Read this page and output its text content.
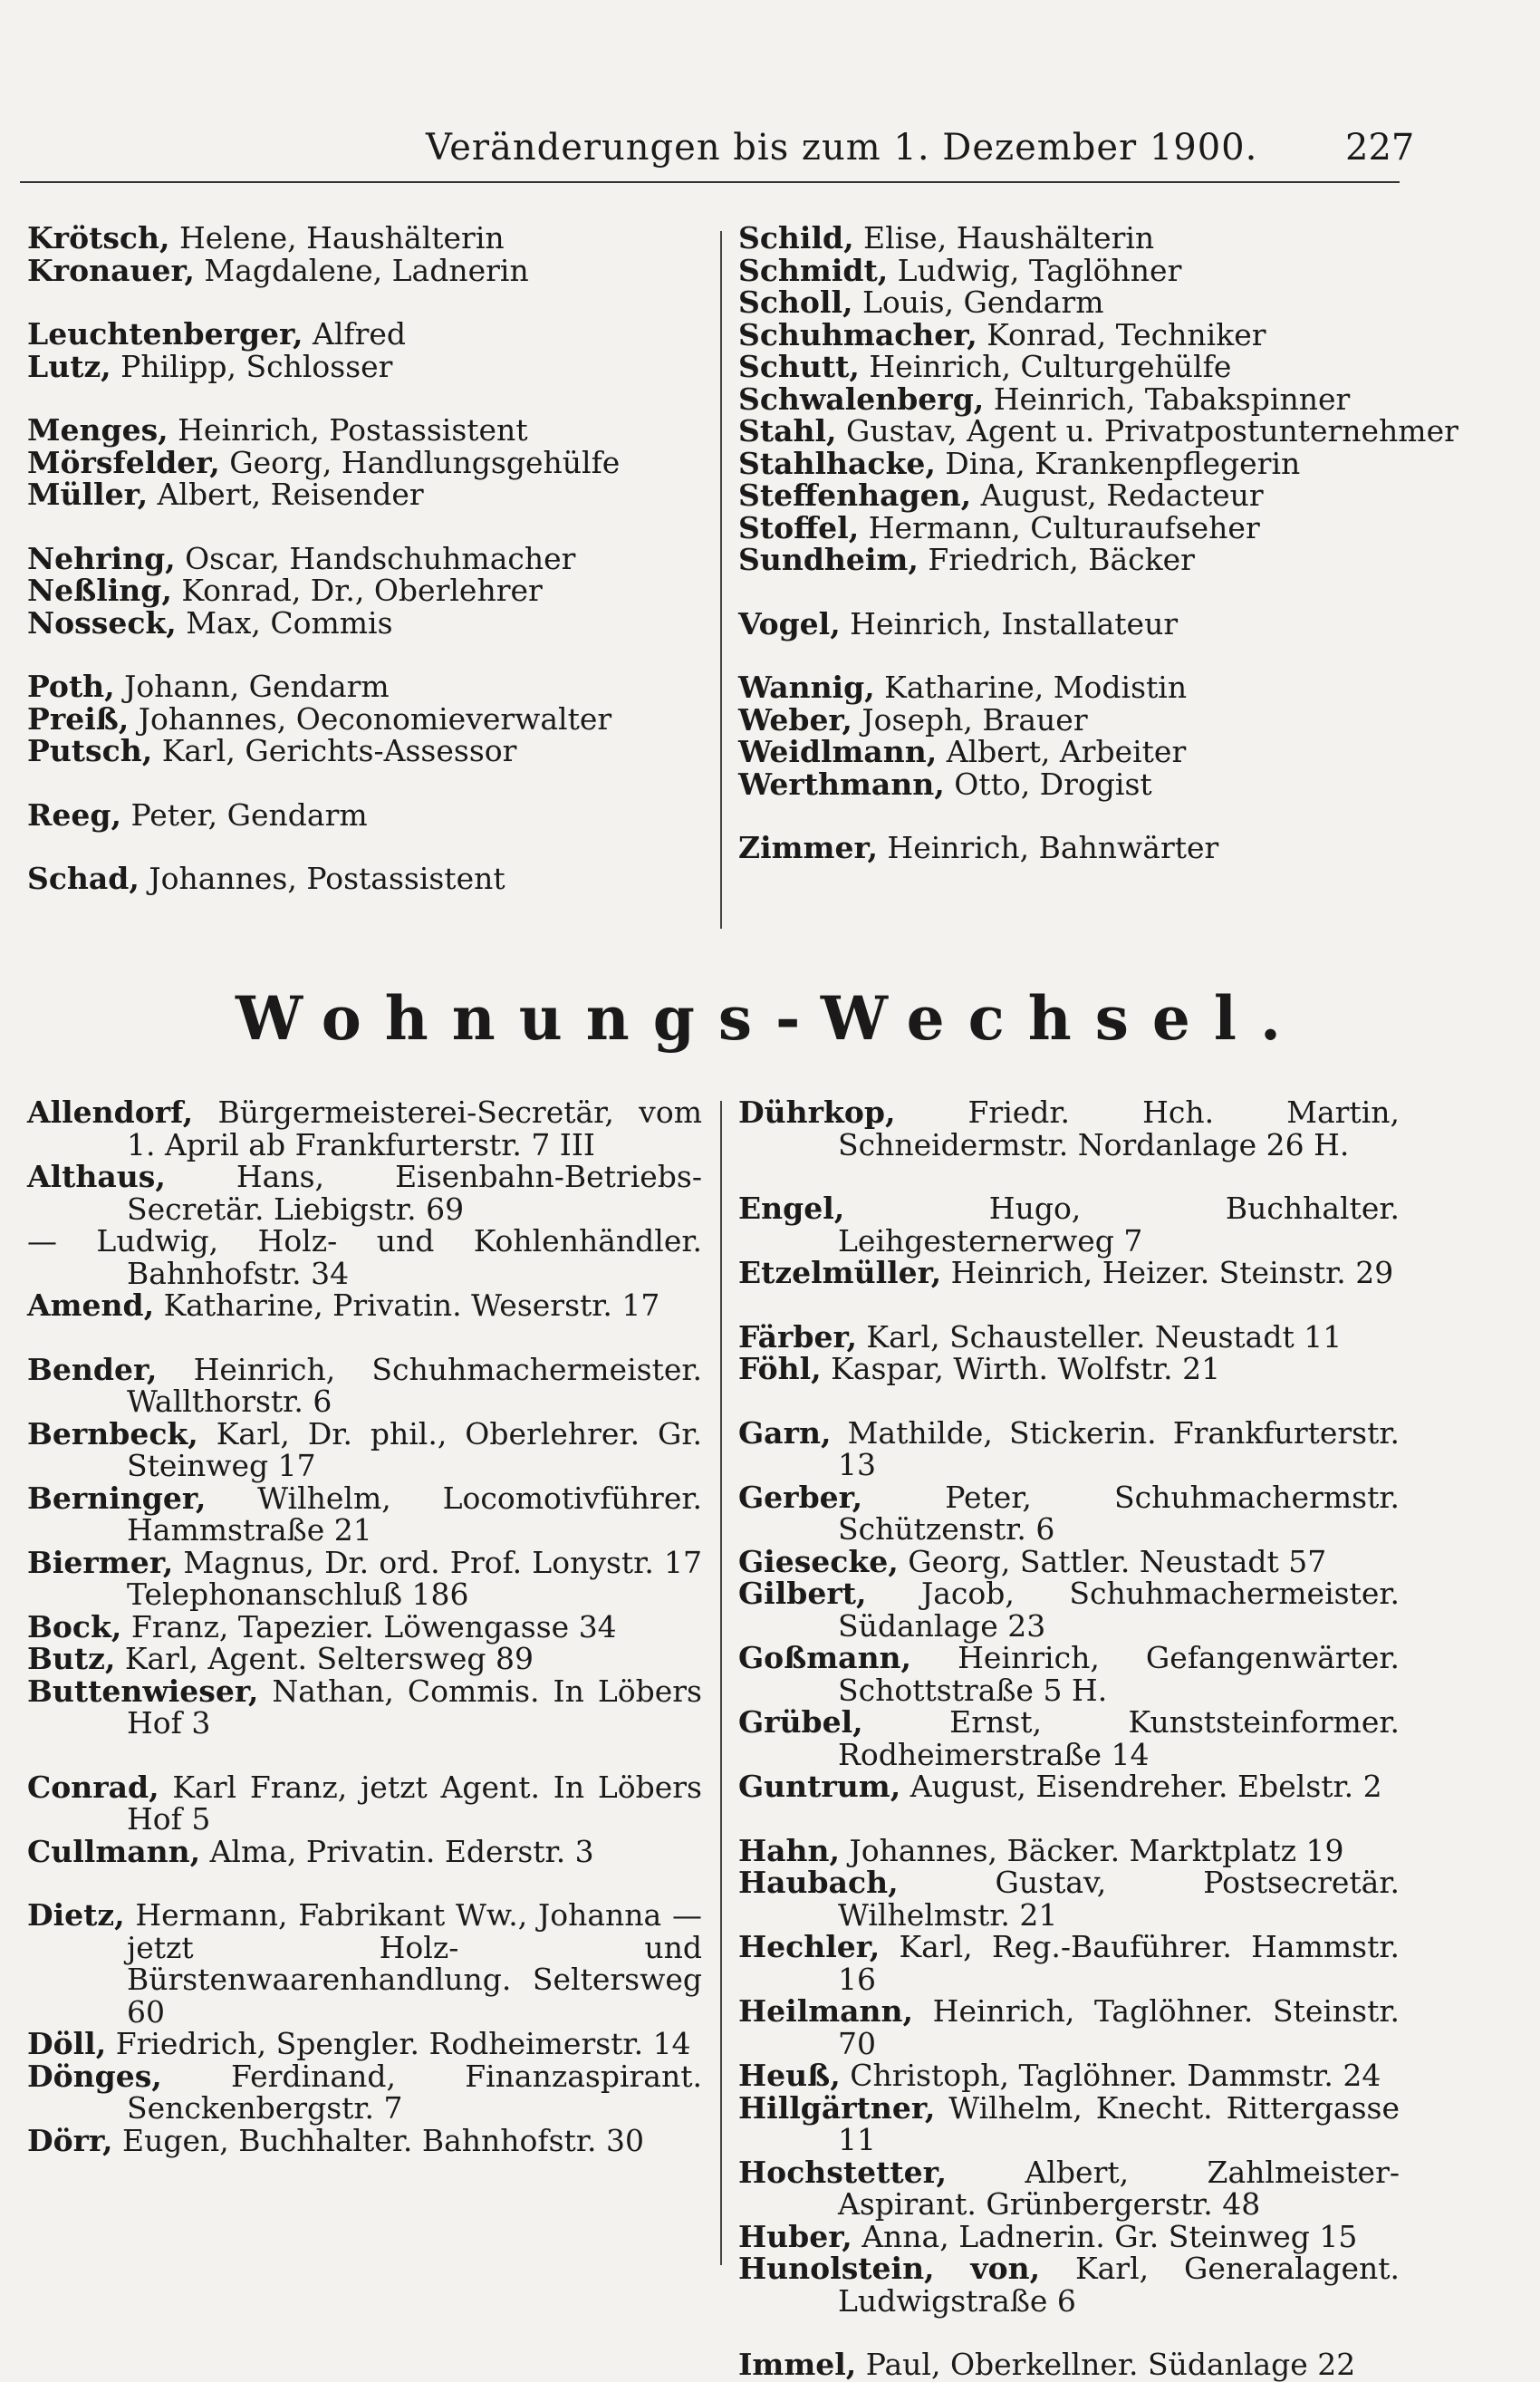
Veränderungen bis zum 1. Dezember 1900. 227
Krötsch, Helene, Haushälterin
Kronauer, Magdalene, Ladnerin
Leuchtenberger, Alfred
Lutz, Philipp, Schlosser
Menges, Heinrich, Postassistent
Mörsfelder, Georg, Handlungsgehülfe
Müller, Albert, Reisender
Nehring, Oscar, Handschuhmacher
Neßling, Konrad, Dr., Oberlehrer
Nosseck, Max, Commis
Poth, Johann, Gendarm
Preiß, Johannes, Oeconomieverwalter
Putsch, Karl, Gerichts-Assessor
Reeg, Peter, Gendarm
Schad, Johannes, Postassistent
Schild, Elise, Haushälterin
Schmidt, Ludwig, Taglöhner
Scholl, Louis, Gendarm
Schuhmacher, Konrad, Techniker
Schutt, Heinrich, Culturgehülfe
Schwalenberg, Heinrich, Tabakspinner
Stahl, Gustav, Agent u. Privatpostunternehmer
Stahlhacke, Dina, Krankenpflegerin
Steffenhagen, August, Redacteur
Stoffel, Hermann, Culturaufseher
Sundheim, Friedrich, Bäcker
Vogel, Heinrich, Installateur
Wannig, Katharine, Modistin
Weber, Joseph, Brauer
Weidlmann, Albert, Arbeiter
Werthmann, Otto, Drogist
Zimmer, Heinrich, Bahnwärter
Wohnungs-Wechsel.
Allendorf, Bürgermeisterei-Secretär, vom 1. April ab Frankfurterstr. 7 III
Althaus, Hans, Eisenbahn-Betriebs-Secretär. Liebigstr. 69
— Ludwig, Holz- und Kohlenhändler. Bahnhofstr. 34
Amend, Katharine, Privatin. Weserstr. 17
Bender, Heinrich, Schuhmachermeister. Wallthorstr. 6
Bernbeck, Karl, Dr. phil., Oberlehrer. Gr. Steinweg 17
Berninger, Wilhelm, Locomotivführer. Hammstraße 21
Biermer, Magnus, Dr. ord. Prof. Lonystr. 17 Telephonanschluß 186
Bock, Franz, Tapezier. Löwengasse 34
Butz, Karl, Agent. Seltersweg 89
Buttenwieser, Nathan, Commis. In Löbers Hof 3
Conrad, Karl Franz, jetzt Agent. In Löbers Hof 5
Cullmann, Alma, Privatin. Ederstr. 3
Dietz, Hermann, Fabrikant Ww., Johanna — jetzt Holz- und Bürstenwaarenhandlung. Seltersweg 60
Döll, Friedrich, Spengler. Rodheimerstr. 14
Dönges, Ferdinand, Finanzaspirant. Senckenbergstr. 7
Dörr, Eugen, Buchhalter. Bahnhofstr. 30
Dührkop, Friedr. Hch. Martin, Schneidermstr. Nordanlage 26 H.
Engel, Hugo, Buchhalter. Leihgesternerweg 7
Etzelmüller, Heinrich, Heizer. Steinstr. 29
Färber, Karl, Schausteller. Neustadt 11
Föhl, Kaspar, Wirth. Wolfstr. 21
Garn, Mathilde, Stickerin. Frankfurterstr. 13
Gerber, Peter, Schuhmachermstr. Schützenstr. 6
Giesecke, Georg, Sattler. Neustadt 57
Gilbert, Jacob, Schuhmachermeister. Südanlage 23
Goßmann, Heinrich, Gefangenwärter. Schottstraße 5 H.
Grübel, Ernst, Kunststeinformer. Rodheimerstraße 14
Guntrum, August, Eisendreher. Ebelstr. 2
Hahn, Johannes, Bäcker. Marktplatz 19
Haubach, Gustav, Postsecretär. Wilhelmstr. 21
Hechler, Karl, Reg.-Bauführer. Hammstr. 16
Heilmann, Heinrich, Taglöhner. Steinstr. 70
Heuß, Christoph, Taglöhner. Dammstr. 24
Hillgärtner, Wilhelm, Knecht. Rittergasse 11
Hochstetter, Albert, Zahlmeister-Aspirant. Grünbergerstr. 48
Huber, Anna, Ladnerin. Gr. Steinweg 15
Hunolstein, von, Karl, Generalagent. Ludwigstraße 6
Immel, Paul, Oberkellner. Südanlage 22
